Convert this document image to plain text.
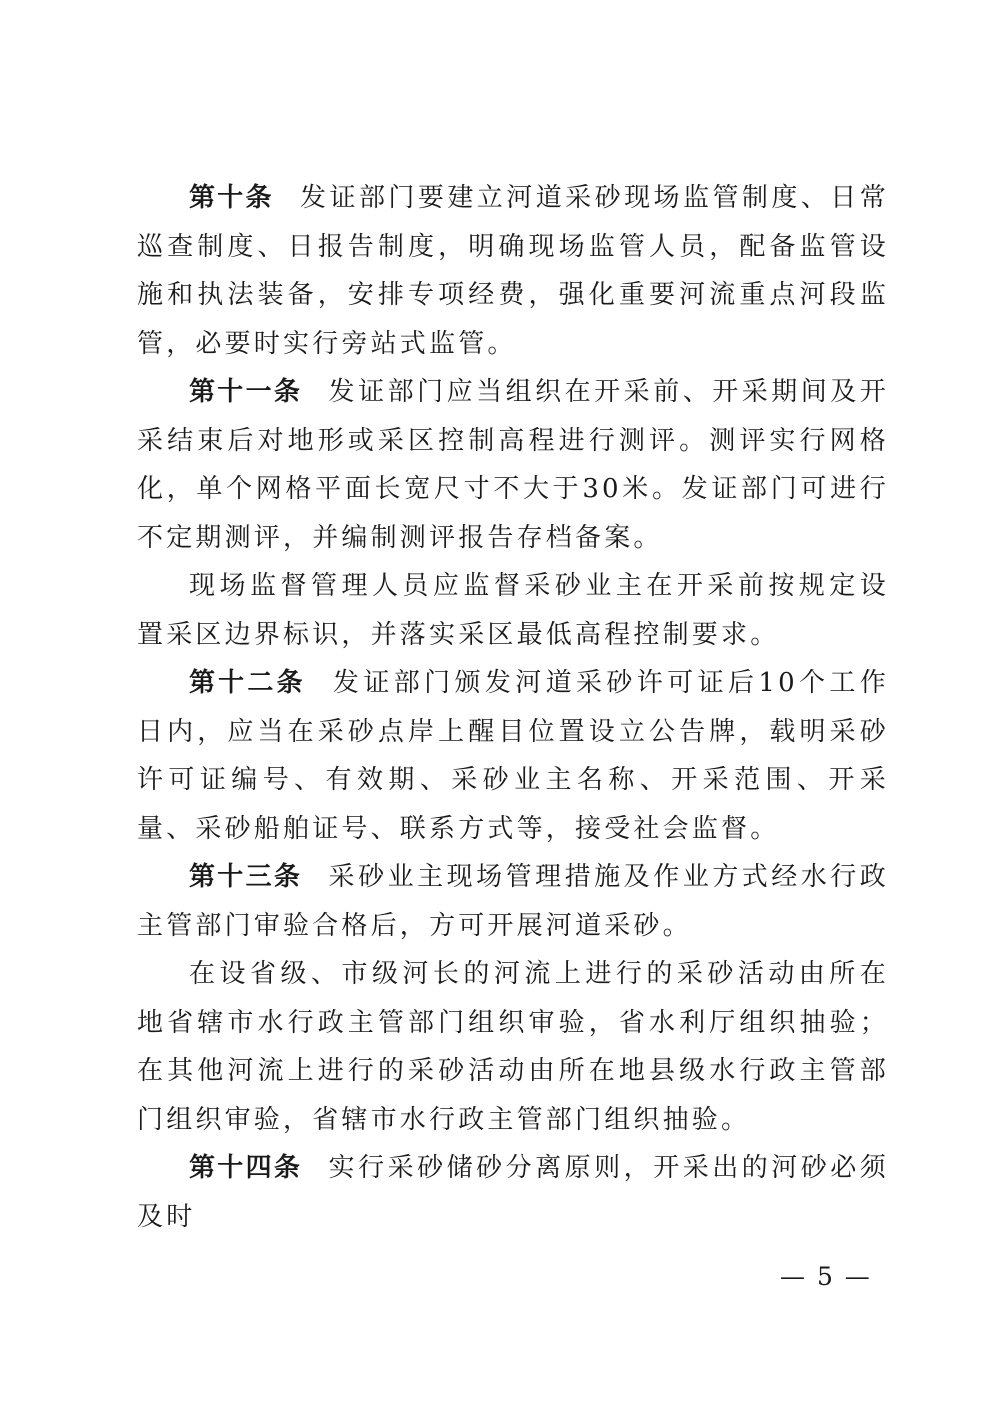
第十条 发证部门要建立河道采砂现场监管制度、日常巡查制度、日报告制度，明确现场监管人员，配备监管设施和执法装备，安排专项经费，强化重要河流重点河段监管，必要时实行旁站式监管。

第十一条 发证部门应当组织在开采前、开采期间及开采结束后对地形或采区控制高程进行测评。测评实行网格化，单个网格平面长宽尺寸不大于30米。发证部门可进行不定期测评，并编制测评报告存档备案。

现场监督管理人员应监督采砂业主在开采前按规定设置采区边界标识，并落实采区最低高程控制要求。

第十二条 发证部门颁发河道采砂许可证后10个工作日内，应当在采砂点岸上醒目位置设立公告牌，载明采砂许可证编号、有效期、采砂业主名称、开采范围、开采量、采砂船舶证号、联系方式等，接受社会监督。

第十三条 采砂业主现场管理措施及作业方式经水行政主管部门审验合格后，方可开展河道采砂。

在设省级、市级河长的河流上进行的采砂活动由所在地省辖市水行政主管部门组织审验，省水利厅组织抽验；在其他河流上进行的采砂活动由所在地县级水行政主管部门组织审验，省辖市水行政主管部门组织抽验。

第十四条 实行采砂储砂分离原则，开采出的河砂必须及时

— 5 —
